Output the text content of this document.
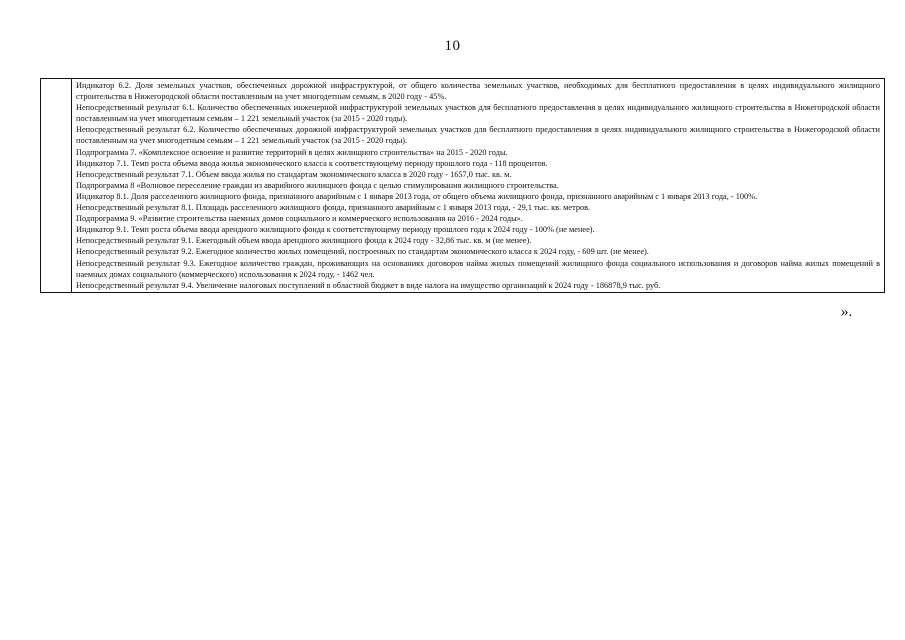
10

Индикатор 6.2. Доля земельных участков, обеспеченных дорожной инфраструктурой, от общего количества земельных участков, необходимых для бесплатного предоставления в целях индивидуального жилищного строительства в Нижегородской области поставленным на учет многодетным семьям, в 2020 году - 45%.

Непосредственный результат 6.1. Количество обеспеченных инженерной инфраструктурой земельных участков для бесплатного предоставления в целях индивидуального жилищного строительства в Нижегородской области поставленным на учет многодетным семьям – 1 221 земельный участок (за 2015 - 2020 годы).

Непосредственный результат 6.2. Количество обеспеченных дорожной инфраструктурой земельных участков для бесплатного предоставления в целях индивидуального жилищного строительства в Нижегородской области поставленным на учет многодетным семьям – 1 221 земельный участок (за 2015 - 2020 годы).

Подпрограмма 7. «Комплексное освоение и развитие территорий в целях жилищного строительства» на 2015 - 2020 годы.

Индикатор 7.1. Темп роста объема ввода жилья экономического класса к соответствующему периоду прошлого года - 118 процентов.

Непосредственный результат 7.1. Объем ввода жилья по стандартам экономического класса в 2020 году - 1657,0 тыс. кв. м.

Подпрограмма 8 «Волновое переселение граждан из аварийного жилищного фонда с целью стимулирования жилищного строительства.

Индикатор 8.1. Доля расселенного жилищного фонда, признанного аварийным с 1 января 2013 года, от общего объема жилищного фонда, признанного аварийным с 1 января 2013 года, - 100%.

Непосредственный результат 8.1. Площадь расселенного жилищного фонда, признанного аварийным с 1 января 2013 года, - 29,1 тыс. кв. метров.

Подпрограмма 9. «Развитие строительства наемных домов социального и коммерческого использования на 2016 - 2024 годы».

Индикатор 9.1. Темп роста объема ввода арендного жилищного фонда к соответствующему периоду прошлого года к 2024 году - 100% (не менее).

Непосредственный результат 9.1. Ежегодный объем ввода арендного жилищного фонда к 2024 году - 32,86 тыс. кв. м (не менее).

Непосредственный результат 9.2. Ежегодное количество жилых помещений, построенных по стандартам экономического класса к 2024 году, - 609 шт. (не менее).

Непосредственный результат 9.3. Ежегодное количество граждан, проживающих на основаниях договоров найма жилых помещений жилищного фонда социального использования и договоров найма жилых помещений в наемных домах социального (коммерческого) использования к 2024 году, - 1462 чел.

Непосредственный результат 9.4. Увеличение налоговых поступлений в областной бюджет в виде налога на имущество организаций к 2024 году - 186878,9 тыс. руб.

».
